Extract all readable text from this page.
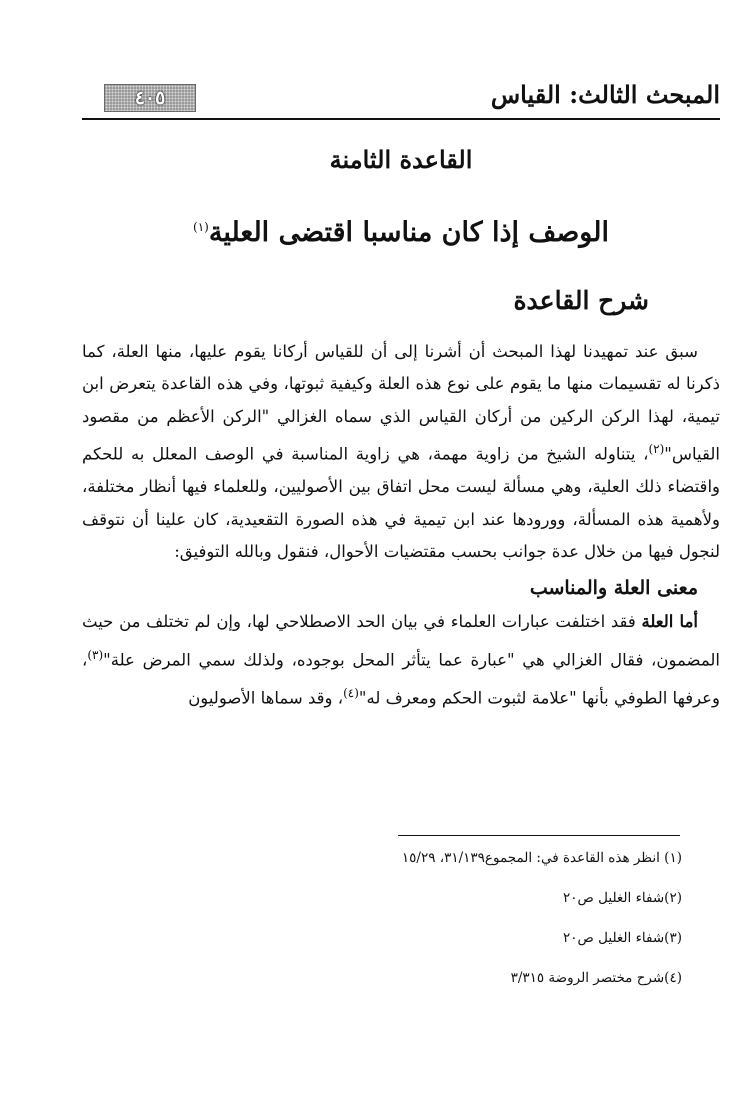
المبحث الثالث: القياس
٤٠٥
القاعدة الثامنة
الوصف إذا كان مناسبا اقتضى العلية$^{(١)}$
شرح القاعدة

سبق عند تمهيدنا لهذا المبحث أن أشرنا إلى أن للقياس أركانا يقوم عليها، منها العلة، كما ذكرنا له تقسيمات منها ما يقوم على نوع هذه العلة وكيفية ثبوتها، وفي هذه القاعدة يتعرض ابن تيمية، لهذا الركن الركين من أركان القياس الذي سماه الغزالي "الركن الأعظم من مقصود القياس"$^{(٢)}$، يتناوله الشيخ من زاوية مهمة، هي زاوية المناسبة في الوصف المعلل به للحكم واقتضاء ذلك العلية، وهي مسألة ليست محل اتفاق بين الأصوليين، وللعلماء فيها أنظار مختلفة، ولأهمية هذه المسألة، وورودها عند ابن تيمية في هذه الصورة التقعيدية، كان علينا أن نتوقف لنجول فيها من خلال عدة جوانب بحسب مقتضيات الأحوال، فنقول وبالله التوفيق:

معنى العلة والمناسب

أما العلة فقد اختلفت عبارات العلماء في بيان الحد الاصطلاحي لها، وإن لم تختلف من حيث المضمون، فقال الغزالي هي "عبارة عما يتأثر المحل بوجوده، ولذلك سمي المرض علة"$^{(٣)}$، وعرفها الطوفي بأنها "علامة لثبوت الحكم ومعرف له"$^{(٤)}$، وقد سماها الأصوليون

(١) انظر هذه القاعدة في: المجموع٣١/١٣٩، ١٥/٢٩
(٢)شفاء الغليل ص٢٠
(٣)شفاء الغليل ص٢٠
(٤)شرح مختصر الروضة ٣/٣١٥
